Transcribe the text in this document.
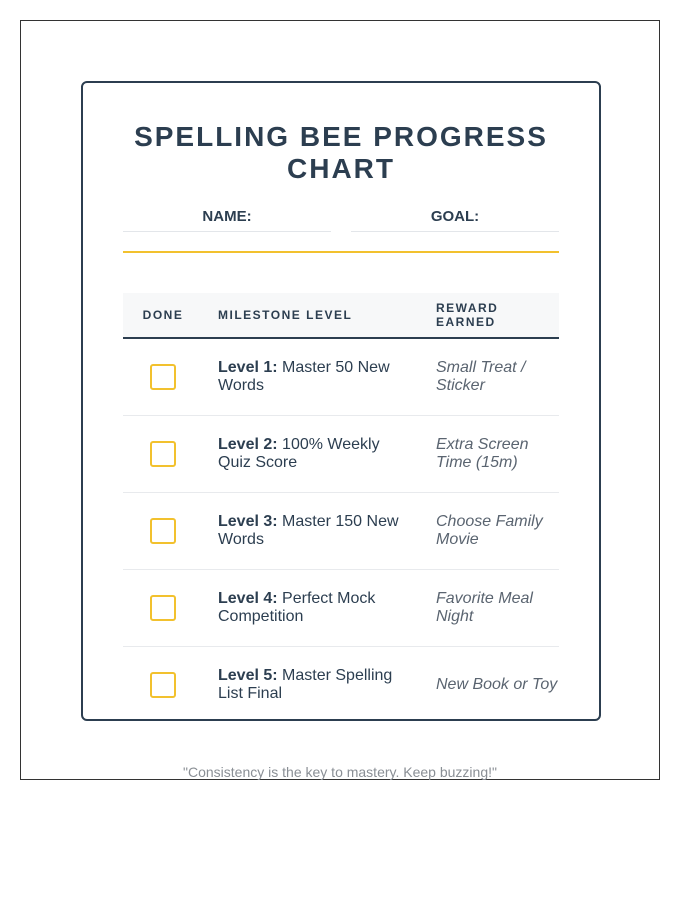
SPELLING BEE PROGRESS CHART
NAME:	GOAL:
DONE	MILESTONE LEVEL	REWARD EARNED
	Level 1: Master 50 New Words	Small Treat / Sticker
	Level 2: 100% Weekly Quiz Score	Extra Screen Time (15m)
	Level 3: Master 150 New Words	Choose Family Movie
	Level 4: Perfect Mock Competition	Favorite Meal Night
	Level 5: Master Spelling List Final	New Book or Toy
"Consistency is the key to mastery. Keep buzzing!"
